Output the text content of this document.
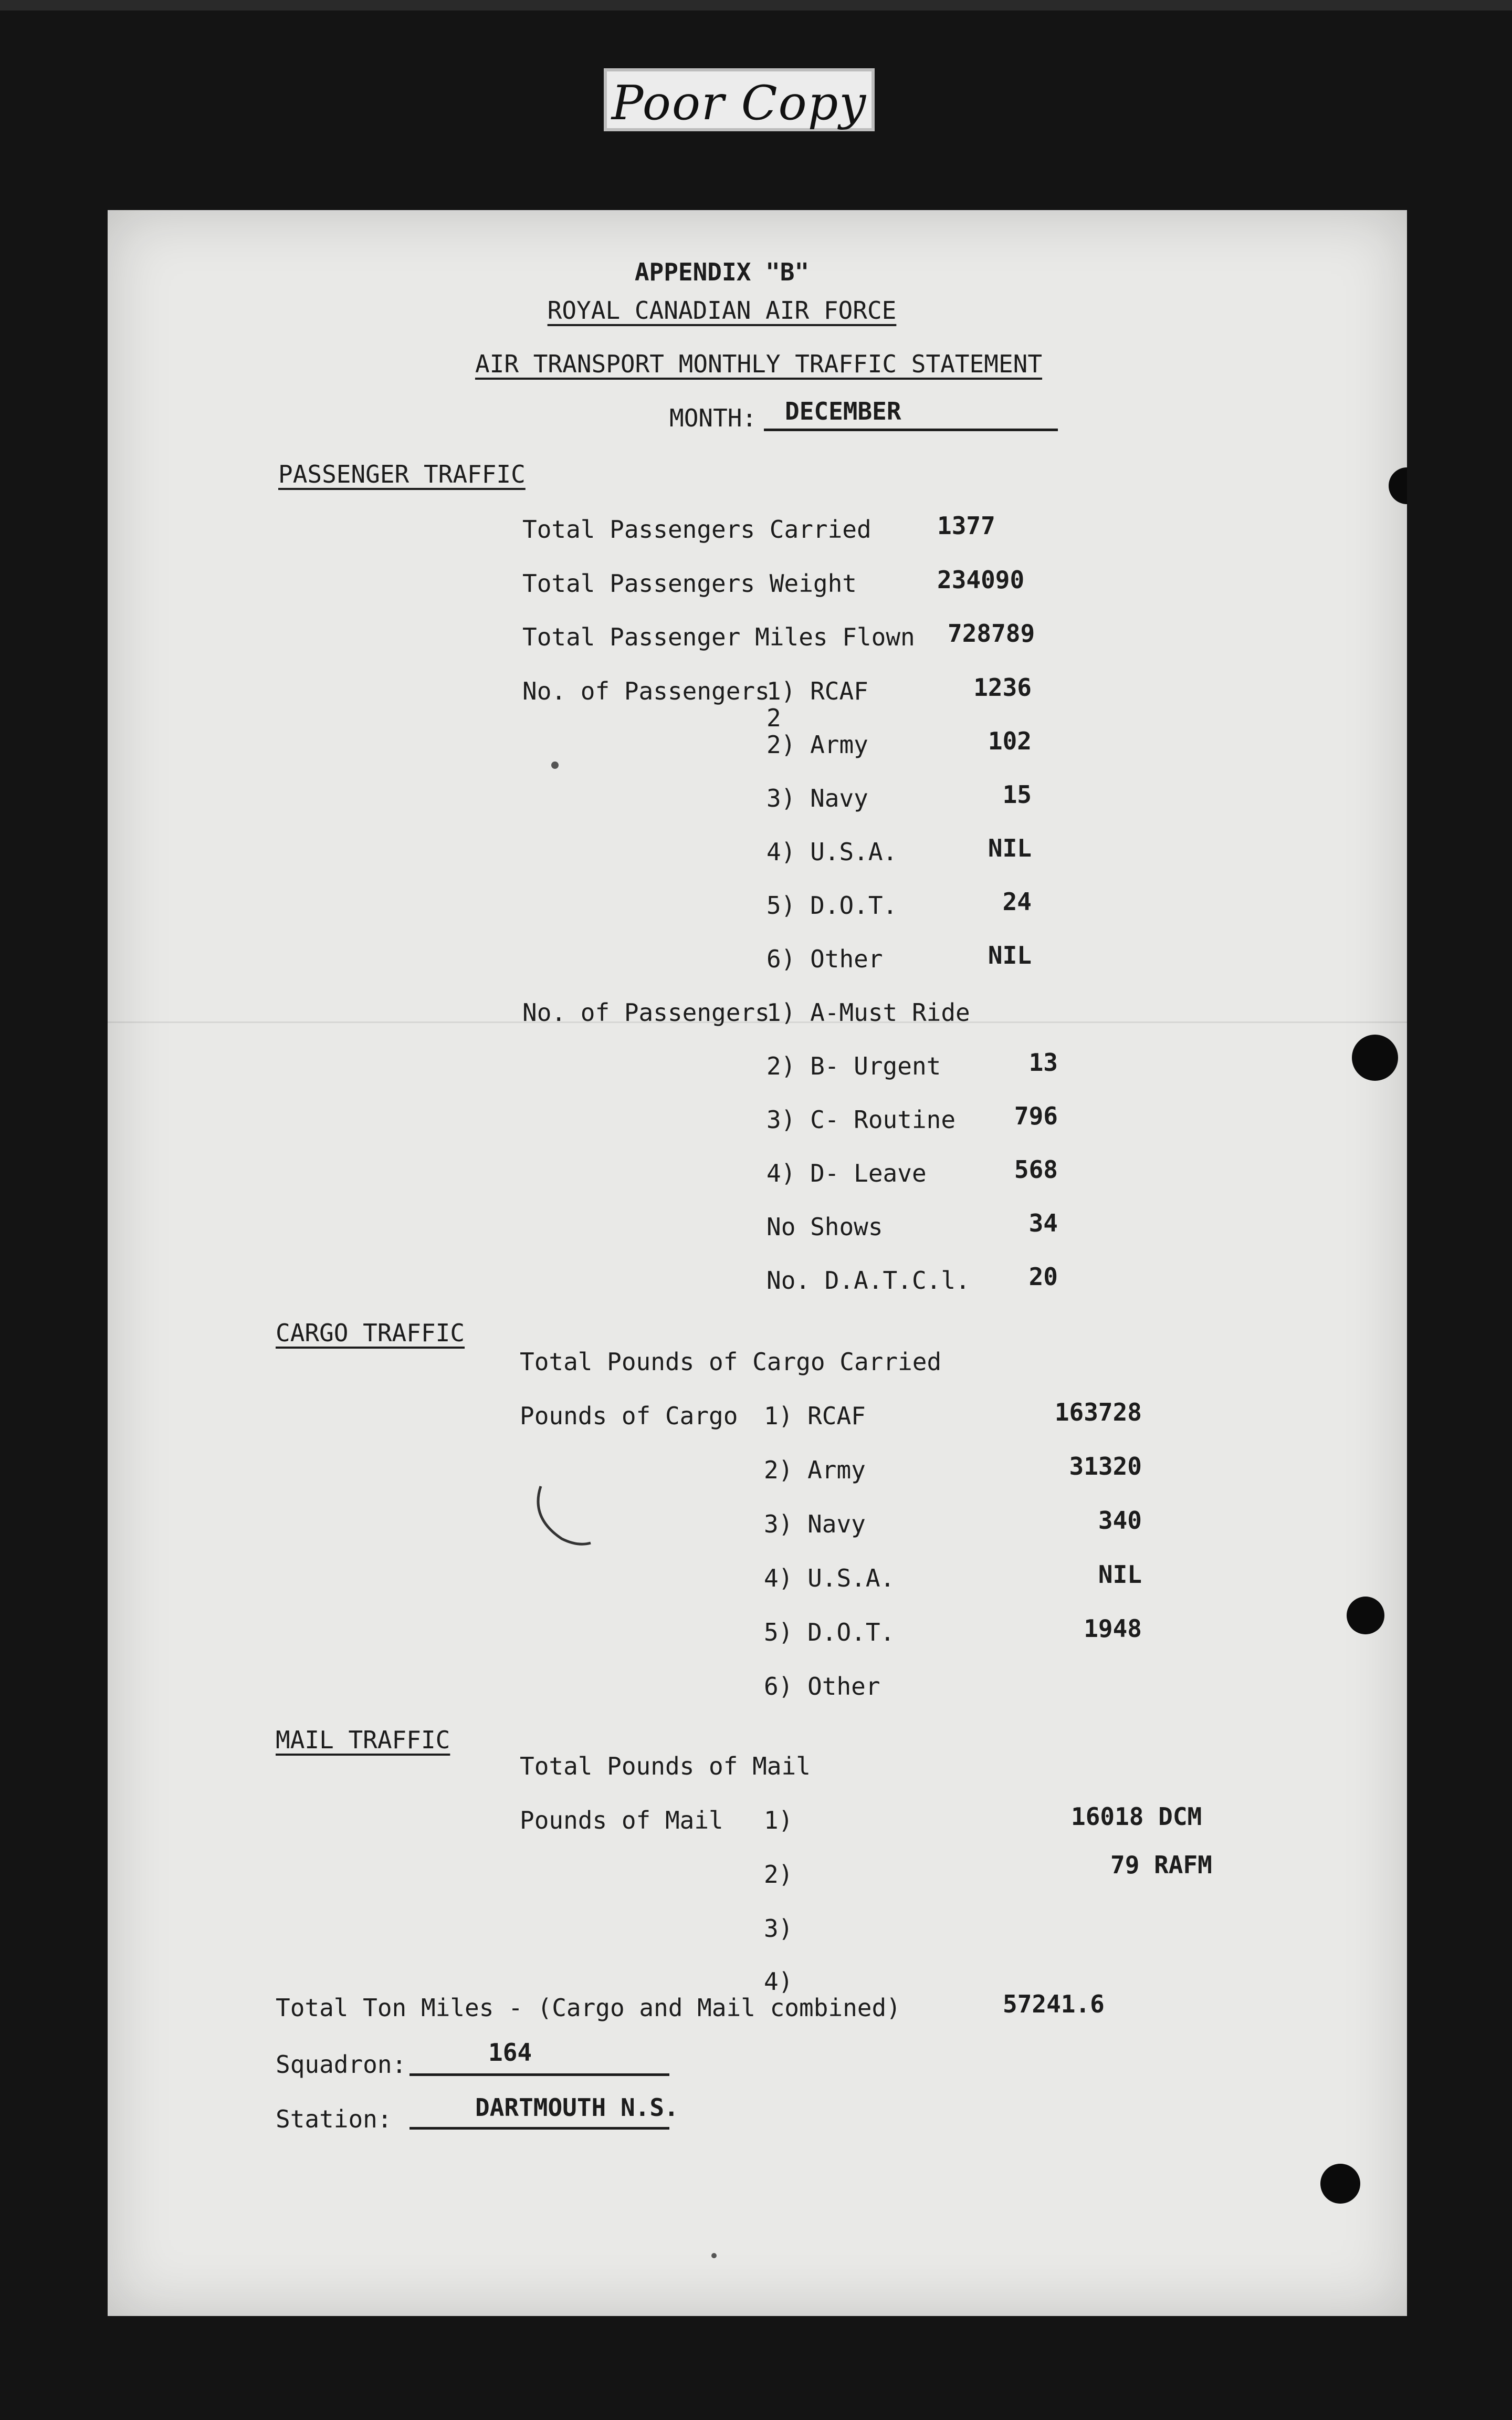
Poor Copy
APPENDIX "B"
ROYAL CANADIAN AIR FORCE
AIR TRANSPORT MONTHLY TRAFFIC STATEMENT
MONTH: DECEMBER
PASSENGER TRAFFIC
Total Passengers Carried	1377
Total Passengers Weight	234090
Total Passenger Miles Flown 728789
No. of Passengers
2
1) RCAF	1236
2) Army	102
3) Navy	15
4) U.S.A.	NIL
5) D.O.T.	24
6) Other	NIL
No. of Passengers
1) A-Must Ride
2) B- Urgent	13
3) C- Routine 796
4) D- Leave	568
No Shows	34
No. D.A.T.C.l. 20
CARGO TRAFFIC
Total Pounds of Cargo Carried
Pounds of Cargo 1) RCAF	163728
2) Army	31320
3) Navy	340
4) U.S.A.	NIL
5) D.O.T.	1948
6) Other
MAIL TRAFFIC
Total Pounds of Mail
Pounds of Mail 1)	16018 DCM
2)	79 RAFM
3)
4)
Total Ton Miles - (Cargo and Mail combined)	57241.6
Squadron:	164
Station:	DARTMOUTH N.S.
